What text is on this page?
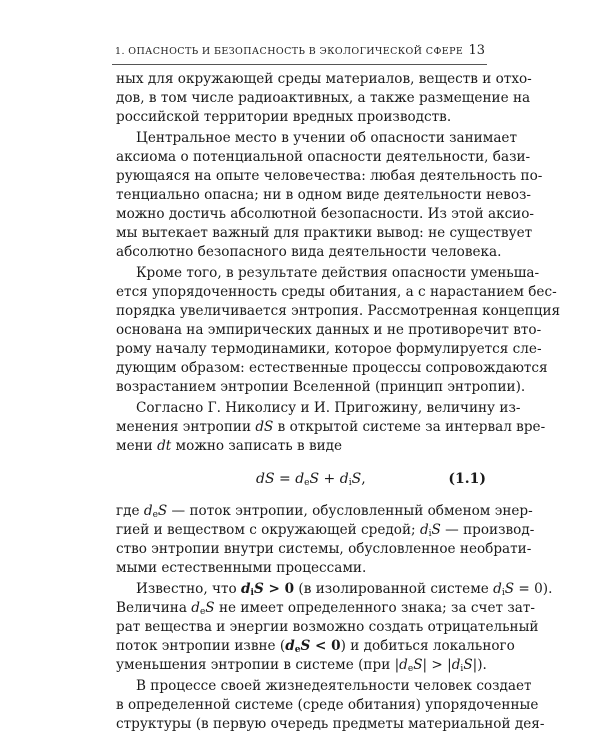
1. ОПАСНОСТЬ И БЕЗОПАСНОСТЬ В ЭКОЛОГИЧЕСКОЙ СФЕРЕ 13
ных для окружающей среды материалов, веществ и отхо-
дов, в том числе радиоактивных, а также размещение на
российской территории вредных производств.
Центральное место в учении об опасности занимает
аксиома о потенциальной опасности деятельности, бази-
рующаяся на опыте человечества: любая деятельность по-
тенциально опасна; ни в одном виде деятельности невоз-
можно достичь абсолютной безопасности. Из этой аксио-
мы вытекает важный для практики вывод: не существует
абсолютно безопасного вида деятельности человека.
Кроме того, в результате действия опасности уменьша-
ется упорядоченность среды обитания, а с нарастанием бес-
порядка увеличивается энтропия. Рассмотренная концепция
основана на эмпирических данных и не противоречит вто-
рому началу термодинамики, которое формулируется сле-
дующим образом: естественные процессы сопровождаются
возрастанием энтропии Вселенной (принцип энтропии).
Согласно Г. Николису и И. Пригожину, величину из-
менения энтропии dS в открытой системе за интервал вре-
мени dt можно записать в виде
dS = $d_eS + d_iS$,	(1.1)
где $d_eS$ — поток энтропии, обусловленный обменом энер-
гией и веществом с окружающей средой; $d_iS$ — производ-
ство энтропии внутри системы, обусловленное необрати-
мыми естественными процессами.
Известно, что $d_iS > 0$ (в изолированной системе $d_iS = 0$).
Величина $d_eS$ не имеет определенного знака; за счет зат-
рат вещества и энергии возможно создать отрицательный
поток энтропии извне $(d_eS < 0)$ и добиться локального
уменьшения энтропии в системе (при $|d_eS| > |d_iS|$).
В процессе своей жизнедеятельности человек создает
в определенной системе (среде обитания) упорядоченные
структуры (в первую очередь предметы материальной дея-
